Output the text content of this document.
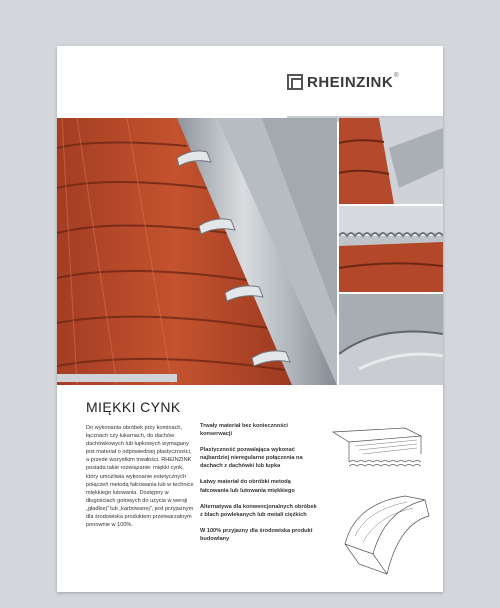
RHEINZINK ®
MIĘKKI CYNK
Do wykonania obróbek przy kominach, łącznach czy lukarnach, do dachów dachówkowych lub łupkowych wymagany jest materiał o odpowiedniej plastyczności, a przede wszystkim trwałości. RHEINZINK posiada takie rozwiązanie: miękki cynk, który umożliwia wykonanie estetycznych połączeń metodą fałcowania lub w technice miękkiego lutowania. Dostępny w długościach gotowych do użycia w wersji „gładkiej” lub „karbowanej”, jest przyjaznym dla środowiska produktem przetwarzalnym ponownie w 100%.

Trwały materiał bez konieczności konserwacji

Plastyczność pozwalająca wykonać najbardziej nieregularne połączenia na dachach z dachówki lub łupka

Łatwy materiał do obróbki metodą fałcowania lub lutowania miękkiego

Alternatywa dla konwencjonalnych obróbek z blach powlekanych lub metali ciężkich

W 100% przyjazny dla środowiska produkt budowlany
